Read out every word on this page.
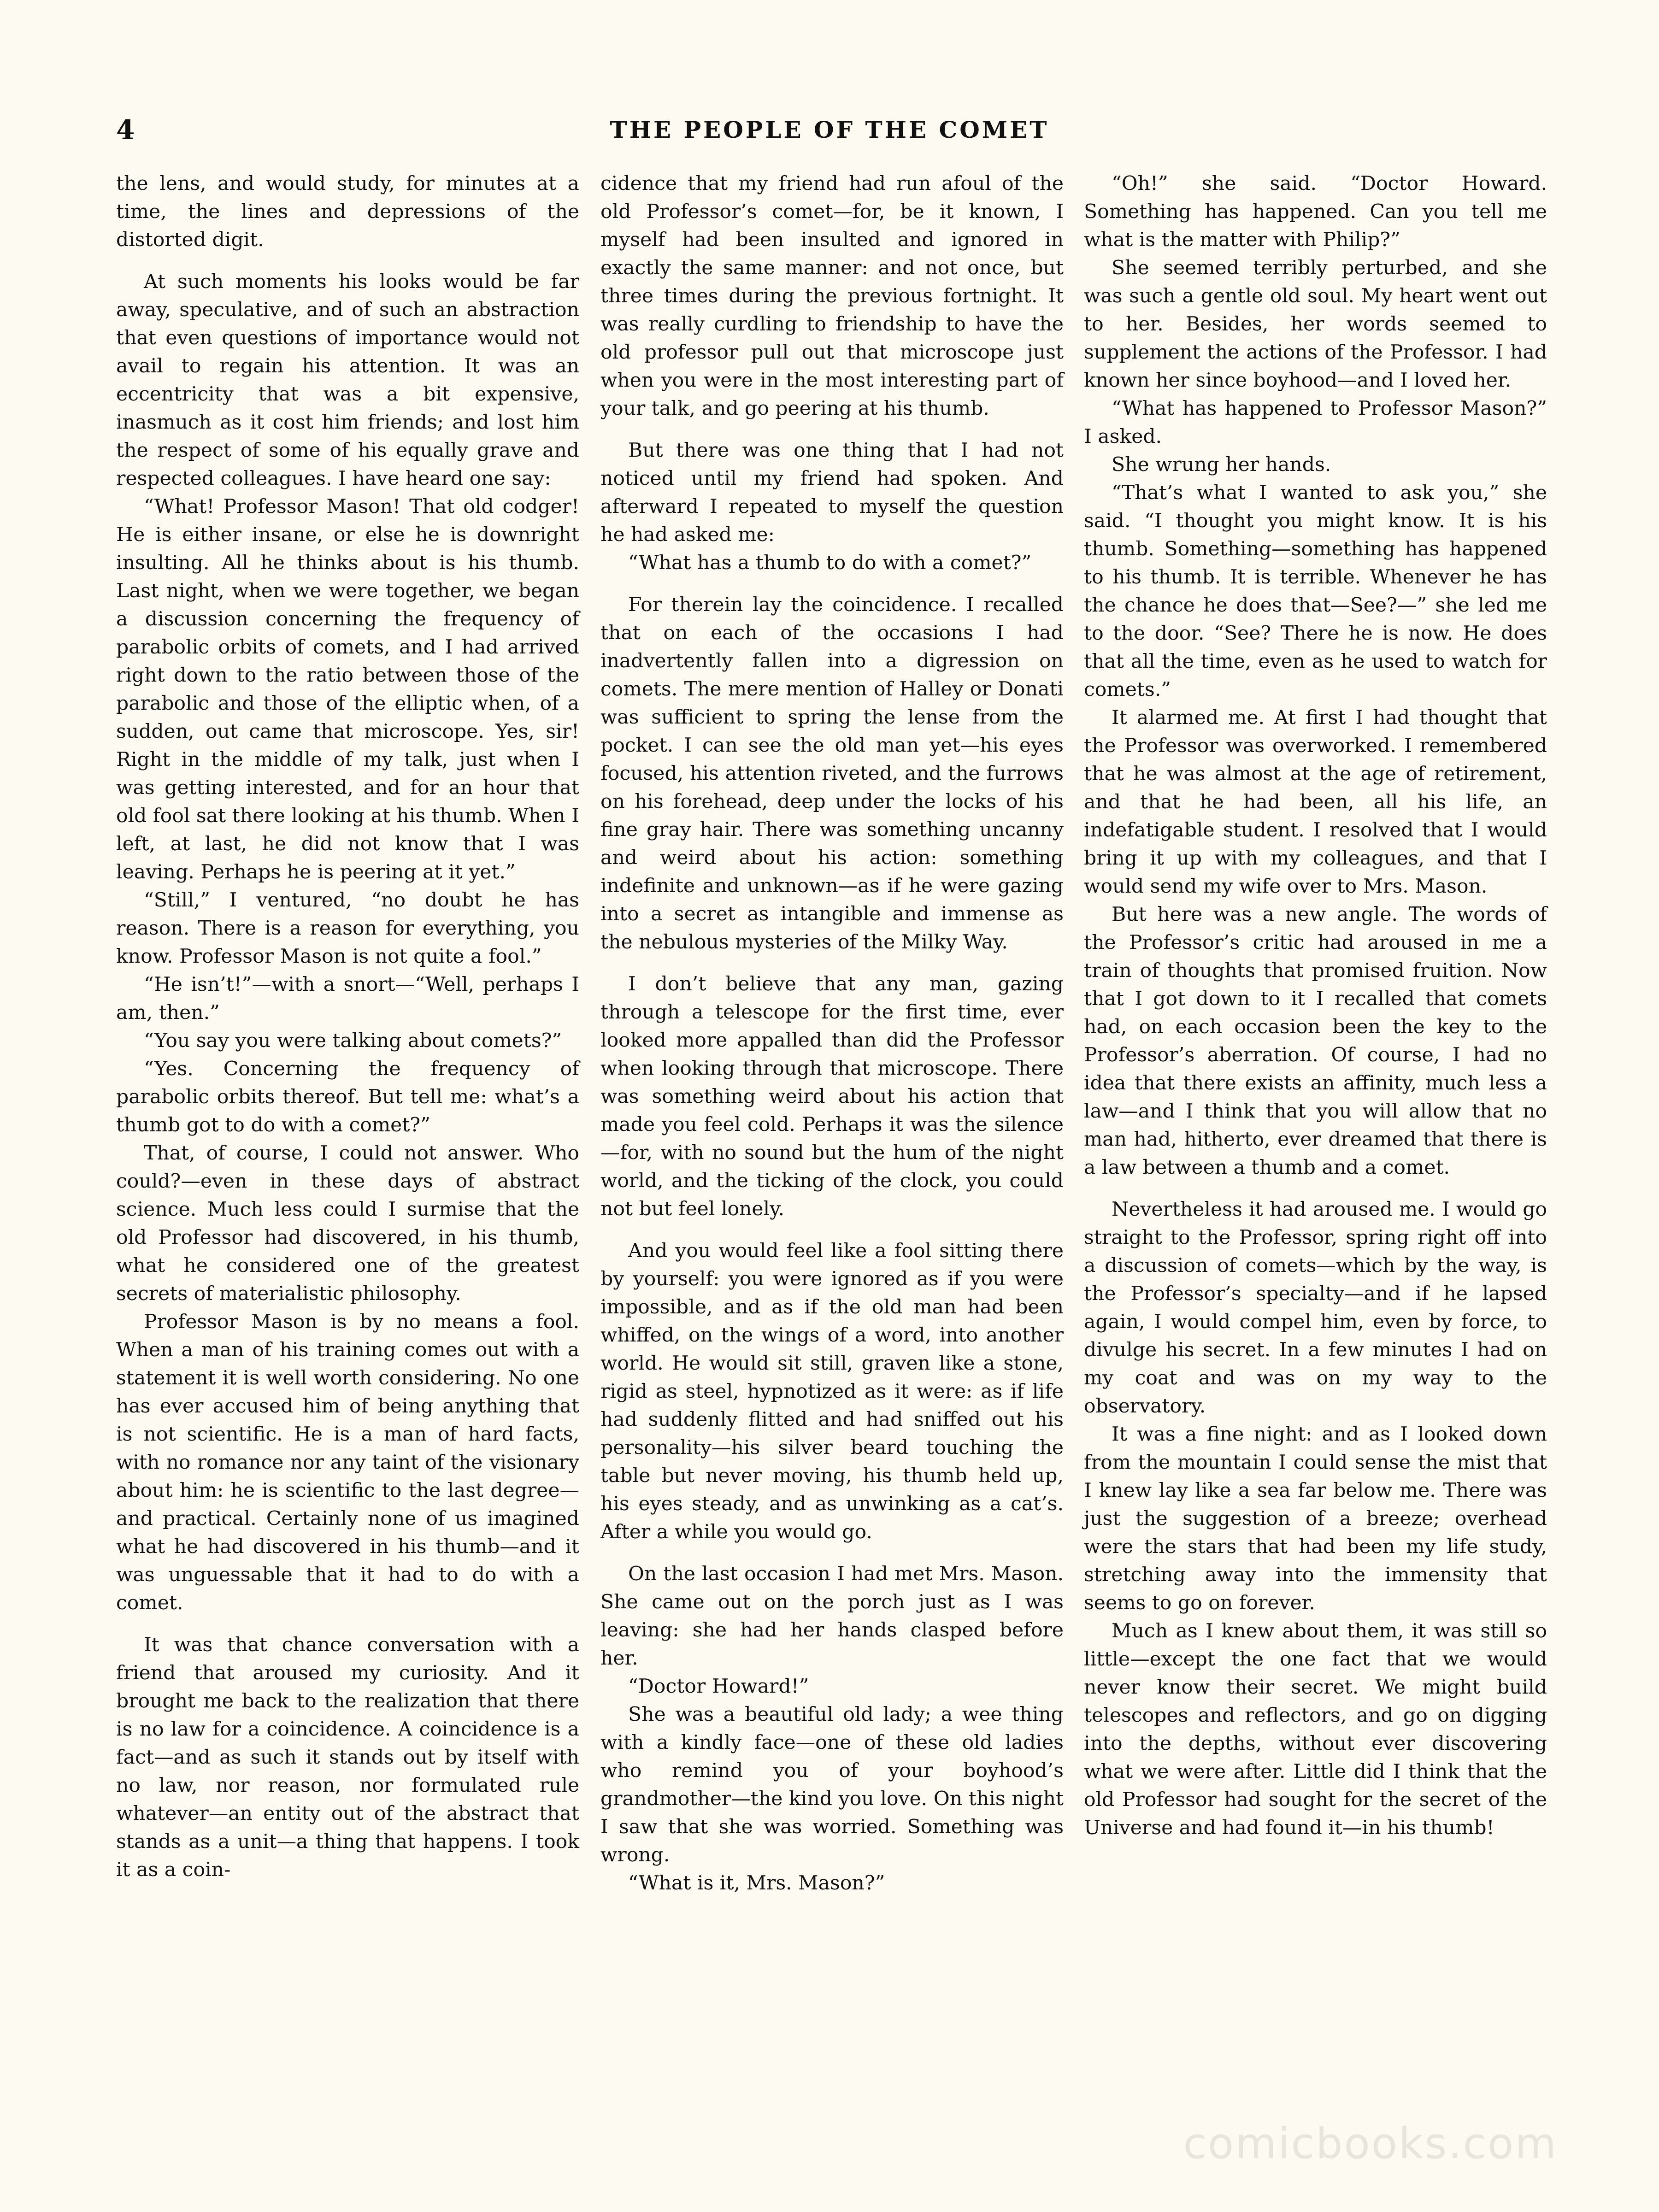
4	THE PEOPLE OF THE COMET

the lens, and would study, for minutes at a time, the lines and depressions of the distorted digit.

At such moments his looks would be far away, speculative, and of such an abstraction that even questions of importance would not avail to regain his attention. It was an eccentricity that was a bit expensive, inasmuch as it cost him friends; and lost him the respect of some of his equally grave and respected colleagues. I have heard one say:

“What! Professor Mason! That old codger! He is either insane, or else he is downright insulting. All he thinks about is his thumb. Last night, when we were together, we began a discussion concerning the frequency of parabolic orbits of comets, and I had arrived right down to the ratio between those of the parabolic and those of the elliptic when, of a sudden, out came that microscope. Yes, sir! Right in the middle of my talk, just when I was getting interested, and for an hour that old fool sat there looking at his thumb. When I left, at last, he did not know that I was leaving. Perhaps he is peering at it yet.”

“Still,” I ventured, “no doubt he has reason. There is a reason for everything, you know. Professor Mason is not quite a fool.”

“He isn’t!”—with a snort—“Well, perhaps I am, then.”

“You say you were talking about comets?”

“Yes. Concerning the frequency of parabolic orbits thereof. But tell me: what’s a thumb got to do with a comet?”

That, of course, I could not answer. Who could?—even in these days of abstract science. Much less could I surmise that the old Professor had discovered, in his thumb, what he considered one of the greatest secrets of materialistic philosophy.

Professor Mason is by no means a fool. When a man of his training comes out with a statement it is well worth considering. No one has ever accused him of being anything that is not scientific. He is a man of hard facts, with no romance nor any taint of the visionary about him: he is scientific to the last degree—and practical. Certainly none of us imagined what he had discovered in his thumb—and it was unguessable that it had to do with a comet.

It was that chance conversation with a friend that aroused my curiosity. And it brought me back to the realization that there is no law for a coincidence. A coincidence is a fact—and as such it stands out by itself with no law, nor reason, nor formulated rule whatever—an entity out of the abstract that stands as a unit—a thing that happens. I took it as a coin-

cidence that my friend had run afoul of the old Professor’s comet—for, be it known, I myself had been insulted and ignored in exactly the same manner: and not once, but three times during the previous fortnight. It was really curdling to friendship to have the old professor pull out that microscope just when you were in the most interesting part of your talk, and go peering at his thumb.

But there was one thing that I had not noticed until my friend had spoken. And afterward I repeated to myself the question he had asked me:

“What has a thumb to do with a comet?”

For therein lay the coincidence. I recalled that on each of the occasions I had inadvertently fallen into a digression on comets. The mere mention of Halley or Donati was sufficient to spring the lense from the pocket. I can see the old man yet—his eyes focused, his attention riveted, and the furrows on his forehead, deep under the locks of his fine gray hair. There was something uncanny and weird about his action: something indefinite and unknown—as if he were gazing into a secret as intangible and immense as the nebulous mysteries of the Milky Way.

I don’t believe that any man, gazing through a telescope for the first time, ever looked more appalled than did the Professor when looking through that microscope. There was something weird about his action that made you feel cold. Perhaps it was the silence—for, with no sound but the hum of the night world, and the ticking of the clock, you could not but feel lonely.

And you would feel like a fool sitting there by yourself: you were ignored as if you were impossible, and as if the old man had been whiffed, on the wings of a word, into another world. He would sit still, graven like a stone, rigid as steel, hypnotized as it were: as if life had suddenly flitted and had sniffed out his personality—his silver beard touching the table but never moving, his thumb held up, his eyes steady, and as unwinking as a cat’s. After a while you would go.

On the last occasion I had met Mrs. Mason. She came out on the porch just as I was leaving: she had her hands clasped before her.

“Doctor Howard!”

She was a beautiful old lady; a wee thing with a kindly face—one of these old ladies who remind you of your boyhood’s grandmother—the kind you love. On this night I saw that she was worried. Something was wrong.

“What is it, Mrs. Mason?”

“Oh!” she said. “Doctor Howard. Something has happened. Can you tell me what is the matter with Philip?”

She seemed terribly perturbed, and she was such a gentle old soul. My heart went out to her. Besides, her words seemed to supplement the actions of the Professor. I had known her since boyhood—and I loved her.

“What has happened to Professor Mason?” I asked.

She wrung her hands.

“That’s what I wanted to ask you,” she said. “I thought you might know. It is his thumb. Something—something has happened to his thumb. It is terrible. Whenever he has the chance he does that—See?—” she led me to the door. “See? There he is now. He does that all the time, even as he used to watch for comets.”

It alarmed me. At first I had thought that the Professor was overworked. I remembered that he was almost at the age of retirement, and that he had been, all his life, an indefatigable student. I resolved that I would bring it up with my colleagues, and that I would send my wife over to Mrs. Mason.

But here was a new angle. The words of the Professor’s critic had aroused in me a train of thoughts that promised fruition. Now that I got down to it I recalled that comets had, on each occasion been the key to the Professor’s aberration. Of course, I had no idea that there exists an affinity, much less a law—and I think that you will allow that no man had, hitherto, ever dreamed that there is a law between a thumb and a comet.

Nevertheless it had aroused me. I would go straight to the Professor, spring right off into a discussion of comets—which by the way, is the Professor’s specialty—and if he lapsed again, I would compel him, even by force, to divulge his secret. In a few minutes I had on my coat and was on my way to the observatory.

It was a fine night: and as I looked down from the mountain I could sense the mist that I knew lay like a sea far below me. There was just the suggestion of a breeze; overhead were the stars that had been my life study, stretching away into the immensity that seems to go on forever.

Much as I knew about them, it was still so little—except the one fact that we would never know their secret. We might build telescopes and reflectors, and go on digging into the depths, without ever discovering what we were after. Little did I think that the old Professor had sought for the secret of the Universe and had found it—in his thumb!

comicbooks.com
